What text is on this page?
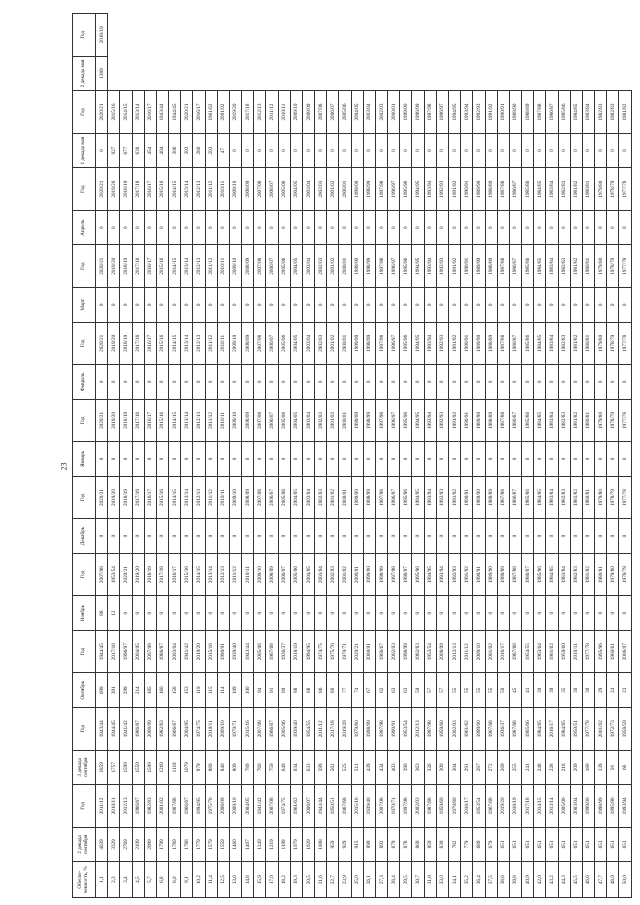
23
Обеспе-ченность, %	2 декада сентября	Год	3 декада сентября	Год	Октябрь	Год	Ноябрь	Год	Декабрь	Год	Январь	Год	Февраль	Год	Март	Год	Апрель	Год	1 декада мая	Год	2 декада мая	Год
1,1	4039	2011/12	1859	1943/44	699	1944/45	88	2007/08	0	2020/21	0	2020/21	0	2020/21	0	2020/21	0	2020/21	0	2020/21	1389	2018/19
2,3	3329	2010/11	1757	1944/45	391	2017/18	12	1953/54	0	2019/20	0	2019/20	0	2019/20	0	2019/20	0	2019/20	927	2015/16		
3,4	2769	2012/13	1599	1941/42	299	1996/97	0	2020/21	0	2018/19	0	2018/19	0	2018/19	0	2018/19	0	2018/19	677	2014/15		
4,5	2109	1986/87	1559	1986/87	214	2004/05	0	2019/20	0	2017/18	0	2017/18	0	2017/18	0	2017/18	0	2017/18	630	2013/14		
5,7	2099	1982/83	1509	2008/09	165	2007/08	0	2018/19	0	2016/17	0	2016/17	0	2016/17	0	2016/17	0	2016/17	454	2016/17		
6,8	1799	2001/02	1269	1982/83	160	1986/87	0	2017/18	0	2015/16	0	2015/16	0	2015/16	0	2015/16	0	2015/16	404	1943/44		
8,0	1789	1987/88	1119	1966/67	158	2003/04	0	2016/17	0	2014/15	0	2014/15	0	2014/15	0	2014/15	0	2014/15	306	1944/45		
9,1	1788	1966/67	1079	2004/05	153	1941/42	0	2015/16	0	2013/14	0	2013/14	0	2013/14	0	2013/14	0	2013/14	302	2020/21		
10,2	1779	1994/95	979	1974/75	119	2019/20	0	2014/15	0	2012/13	0	2012/13	0	2012/13	0	2012/13	0	2012/13	260	2016/17		
11,4	1579	1975/76	889	2010/11	115	2015/16	0	2013/14	0	2011/12	0	2011/12	0	2011/12	0	2011/12	0	2011/12	203	1961/62		
12,5	1559	2008/09	840	2009/10	114	1990/91	0	2012/13	0	2010/11	0	2010/11	0	2010/11	0	2010/11	0	2010/11	47	2001/02		
13,6	1460	2009/10	809	1970/71	109	1939/40	0	2011/12	0	2009/10	0	2009/10	0	2009/10	0	2009/10	0	2009/10	0	2019/20		
14,8	1407	2004/05	789	2015/16	100	1943/44	0	2010/11	0	2008/09	0	2008/09	0	2008/09	0	2008/09	0	2008/09	0	2017/18		
15,9	1249	1941/42	760	2007/08	94	2005/06	0	2009/10	0	2007/08	0	2007/08	0	2007/08	0	2007/08	0	2007/08	0	2012/13		
17,0	1219	2007/08	759	1966/67	91	1967/68	0	2008/09	0	2006/07	0	2006/07	0	2006/07	0	2006/07	0	2006/07	0	2011/12		
18,2	1199	1974/75	649	2005/06	89	1936/37	0	2006/07	0	2005/06	0	2005/06	0	2005/06	0	2005/06	0	2005/06	0	2010/11		
19,3	1079	1961/62	634	1939/40	88	2018/19	0	2005/06	0	2004/05	0	2004/05	0	2004/05	0	2004/05	0	2004/05	0	2009/10		
20,5	1029	2006/07	633	1954/55	88	1994/95	0	2004/05	0	2003/04	0	2003/04	0	2003/04	0	2003/04	0	2003/04	0	2008/09		
21,6	1008	1943/44	599	2011/12	86	1974/75	0	2003/04	0	2002/03	0	2002/03	0	2002/03	0	2002/03	0	2002/03	0	2007/08		
22,7	959	1950/51	562	2017/18	80	1975/76	0	2002/03	0	2001/02	0	2001/02	0	2001/02	0	2001/02	0	2001/02	0	2006/07		
23,9	929	1967/68	525	2019/20	77	1970/71	0	2001/02	0	2000/01	0	2000/01	0	2000/01	0	2000/01	0	2000/01	0	2005/06		
25,0	915	2015/16	511	1979/80	74	2020/21	0	2000/01	0	1999/00	0	1999/00	0	1999/00	0	1999/00	0	1999/00	0	2004/05		
26,1	899	1939/40	439	1998/99	67	2000/01	0	1999/00	0	1998/99	0	1998/99	0	1998/99	0	1998/99	0	1998/99	0	2003/04		
27,3	892	2007/08	434	1997/98	62	1966/67	0	1998/99	0	1997/98	0	1997/98	0	1997/98	0	1997/98	0	1997/98	0	2002/03		
28,4	879	1970/71	403	1990/91	63	2002/03	0	1997/98	0	1996/97	0	1996/97	0	1996/97	0	1996/97	0	1996/97	0	2000/01		
29,5	878	1997/98	390	1953/54	63	1998/99	0	1996/97	0	1995/96	0	1995/96	0	1995/96	0	1995/96	0	1995/96	0	1999/00		
30,7	869	2002/03	363	2012/13	59	1982/83	0	1995/96	0	1994/95	0	1994/95	0	1994/95	0	1994/95	0	1994/95	0	1998/99		
31,8	859	1987/88	326	1997/98	57	1953/54	0	1994/95	0	1993/94	0	1993/94	0	1993/94	0	1993/94	0	1993/94	0	1997/98		
33,0	839	1959/60	309	1959/60	57	2008/09	0	1993/94	0	1992/93	0	1992/93	0	1992/93	0	1992/93	0	1992/93	0	1996/97		
34,1	782	1979/80	304	2002/03	55	2012/13	0	1992/93	0	1991/92	0	1991/92	0	1991/92	0	1991/92	0	1991/92	0	1994/95		
35,2	779	2016/17	291	1961/62	55	2011/12	0	1991/92	0	1990/91	0	1990/91	0	1990/91	0	1990/91	0	1990/91	0	1993/94		
36,4	689	1953/54	287	1999/00	55	2009/10	0	1990/91	0	1989/90	0	1989/90	0	1989/90	0	1989/90	0	1989/90	0	1992/93		
37,5	679	1967/68	272	1967/68	55	2001/02	0	1989/90	0	1988/89	0	1988/89	0	1988/89	0	1988/89	0	1988/89	0	1991/92		
38,6	651	2019/20	269	1936/37	50	2016/17	0	1988/89	0	1987/88	0	1987/88	0	1987/88	0	1987/88	0	1987/88	0	1990/91		
39,8	651	2018/19	255	1987/88	45	1987/88	0	1987/88	0	1986/87	0	1986/87	0	1986/87	0	1986/87	0	1986/87	0	1989/90		
40,9	651	2017/18	241	1965/66	41	1954/55	0	1986/87	0	1985/86	0	1985/86	0	1985/86	0	1985/86	0	1985/86	0	1988/89		
42,0	651	2014/15	248	1984/85	39	1963/64	0	1985/86	0	1984/85	0	1984/85	0	1984/85	0	1984/85	0	1984/85	0	1987/88		
43,2	651	2013/14	228	2016/17	39	1961/62	0	1984/85	0	1983/84	0	1983/84	0	1983/84	0	1983/84	0	1983/84	0	1986/87		
44,3	651	2005/06	218	1984/85	35	1959/60	0	1983/84	0	1982/83	0	1982/83	0	1982/83	0	1982/83	0	1982/83	0	1985/86		
45,5	651	2003/04	209	1950/51	30	2010/11	0	1982/83	0	1981/82	0	1981/82	0	1981/82	0	1981/82	0	1981/82	0	1984/85		
46,6	651	1999/00	180	1977/78	30	1977/78	0	1981/82	0	1980/81	0	1980/81	0	1980/81	0	1980/81	0	1980/81	0	1983/84		
47,7	651	1998/99	139	2001/02	29	1995/96	0	1980/81	0	1979/80	0	1979/80	0	1979/80	0	1979/80	0	1979/80	0	1982/83		
48,9	651	1995/96	91	1972/73	24	1960/61	0	1979/80	0	1978/79	0	1978/79	0	1978/79	0	1978/79	0	1978/79	0	1982/83		
50,0	651	1993/94	66	1958/59	23	2006/07	0	1978/79	0	1977/78	0	1977/78	0	1977/78	0	1977/78	0	1977/78	0	1981/82		
